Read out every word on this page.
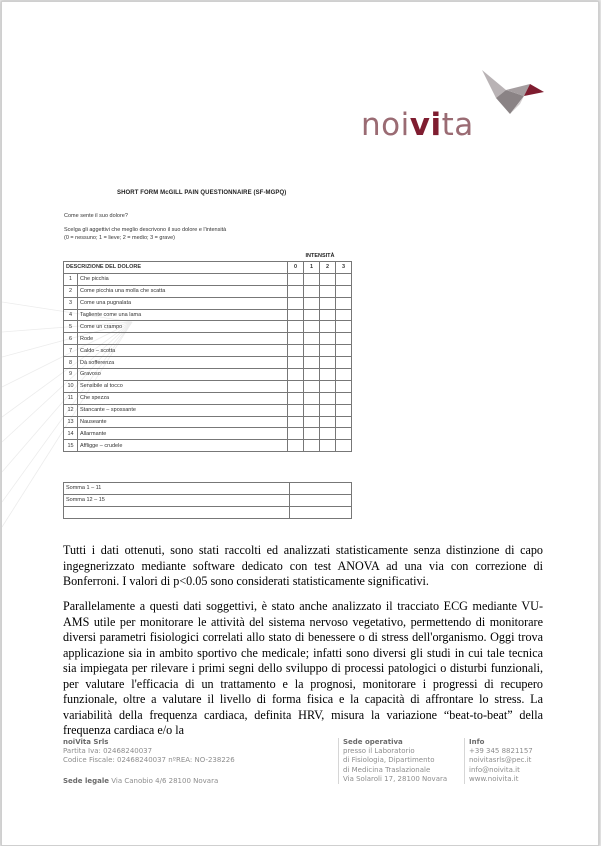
noivita
SHORT FORM McGILL PAIN QUESTIONNAIRE (SF-MGPQ)
Come sente il suo dolore?
Scelga gli aggettivi che meglio descrivono il suo dolore e l'intensità
(0 = nessuno; 1 = lieve; 2 = medio; 3 = grave)
INTENSITÀ
DESCRIZIONE DEL DOLORE		0	1	2	3
1	Che picchia				
2	Come picchia una molla che scatta				
3	Come una pugnalata				
4	Tagliente come una lama				
5	Come un crampo				
6	Rode				
7	Caldo – scotta				
8	Dà sofferenza				
9	Gravoso				
10	Sensibile al tocco				
11	Che spezza				
12	Stancante – spossante				
13	Nauseante				
14	Allarmante				
15	Affligge – crudele				
Somma 1 – 11	
Somma 12 – 15	

Tutti i dati ottenuti, sono stati raccolti ed analizzati statisticamente senza distinzione di capo ingegnerizzato mediante software dedicato con test ANOVA ad una via con correzione di Bonferroni. I valori di p<0.05 sono considerati statisticamente significativi.
Parallelamente a questi dati soggettivi, è stato anche analizzato il tracciato ECG mediante VU-AMS utile per monitorare le attività del sistema nervoso vegetativo, permettendo di monitorare diversi parametri fisiologici correlati allo stato di benessere o di stress dell'organismo. Oggi trova applicazione sia in ambito sportivo che medicale; infatti sono diversi gli studi in cui tale tecnica sia impiegata per rilevare i primi segni dello sviluppo di processi patologici o disturbi funzionali, per valutare l'efficacia di un trattamento e la prognosi, monitorare i progressi di recupero funzionale, oltre a valutare il livello di forma fisica e la capacità di affrontare lo stress. La variabilità della frequenza cardiaca, definita HRV, misura la variazione “beat-to-beat” della frequenza cardiaca e/o la
noiVita Srls
Partita Iva: 02468240037
Codice Fiscale: 02468240037 nºREA: NO-238226
Sede legale Via Canobio 4/6 28100 Novara
Sede operativa
presso il Laboratorio
di Fisiologia, Dipartimento
di Medicina Traslazionale
Via Solaroli 17, 28100 Novara
Info
+39 345 8821157
noivitasrls@pec.it
info@noivita.it
www.noivita.it
